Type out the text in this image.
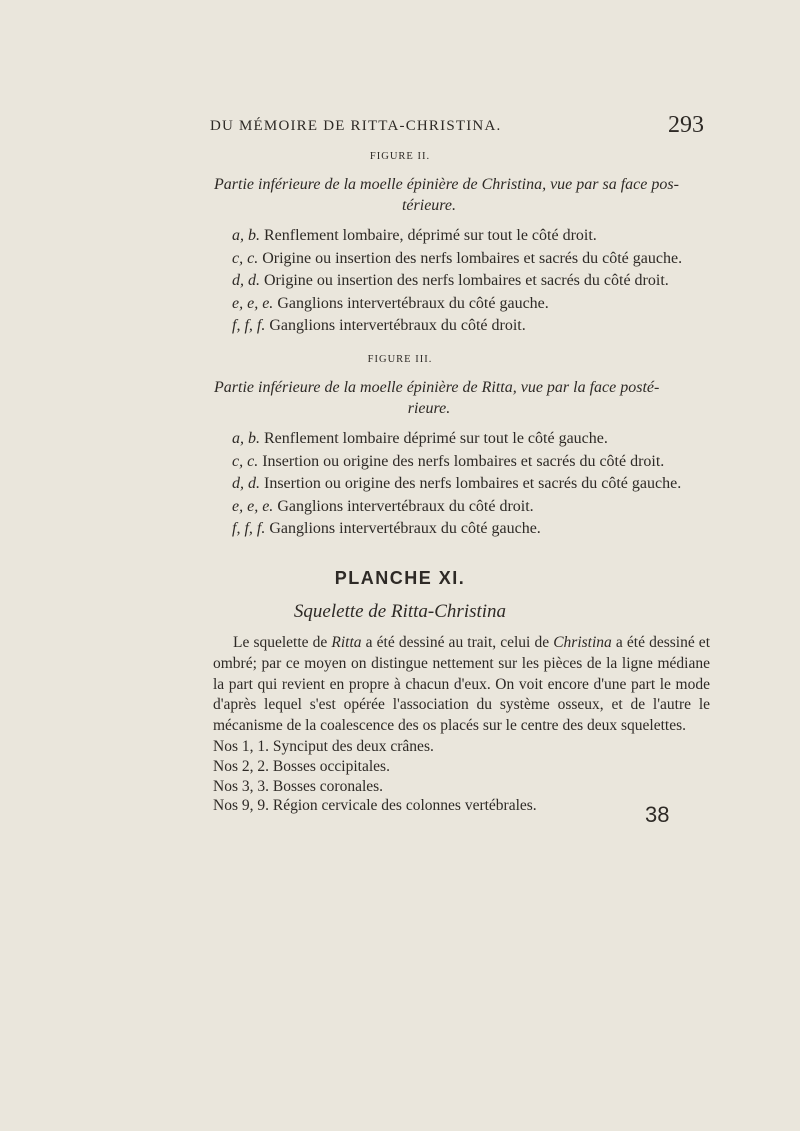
DU MÉMOIRE DE RITTA-CHRISTINA.	293
FIGURE II.
Partie inférieure de la moelle épinière de Christina, vue par sa face pos-
térieure.
a, b. Renflement lombaire, déprimé sur tout le côté droit.
c, c. Origine ou insertion des nerfs lombaires et sacrés du côté gauche.
d, d. Origine ou insertion des nerfs lombaires et sacrés du côté droit.
e, e, e. Ganglions intervertébraux du côté gauche.
f, f, f. Ganglions intervertébraux du côté droit.
FIGURE III.
Partie inférieure de la moelle épinière de Ritta, vue par la face posté-
rieure.
a, b. Renflement lombaire déprimé sur tout le côté gauche.
c, c. Insertion ou origine des nerfs lombaires et sacrés du côté droit.
d, d. Insertion ou origine des nerfs lombaires et sacrés du côté gauche.
e, e, e. Ganglions intervertébraux du côté droit.
f, f, f. Ganglions intervertébraux du côté gauche.
PLANCHE XI.
Squelette de Ritta-Christina
Le squelette de Ritta a été dessiné au trait, celui de Christina a été dessiné et ombré; par ce moyen on distingue nettement sur les pièces de la ligne médiane la part qui revient en propre à chacun d'eux. On voit encore d'une part le mode d'après lequel s'est opérée l'association du système osseux, et de l'autre le mécanisme de la coalescence des os placés sur le centre des deux squelettes.
Nos 1, 1. Synciput des deux crânes.
Nos 2, 2. Bosses occipitales.
Nos 3, 3. Bosses coronales.
Nos 9, 9. Région cervicale des colonnes vertébrales.	38
